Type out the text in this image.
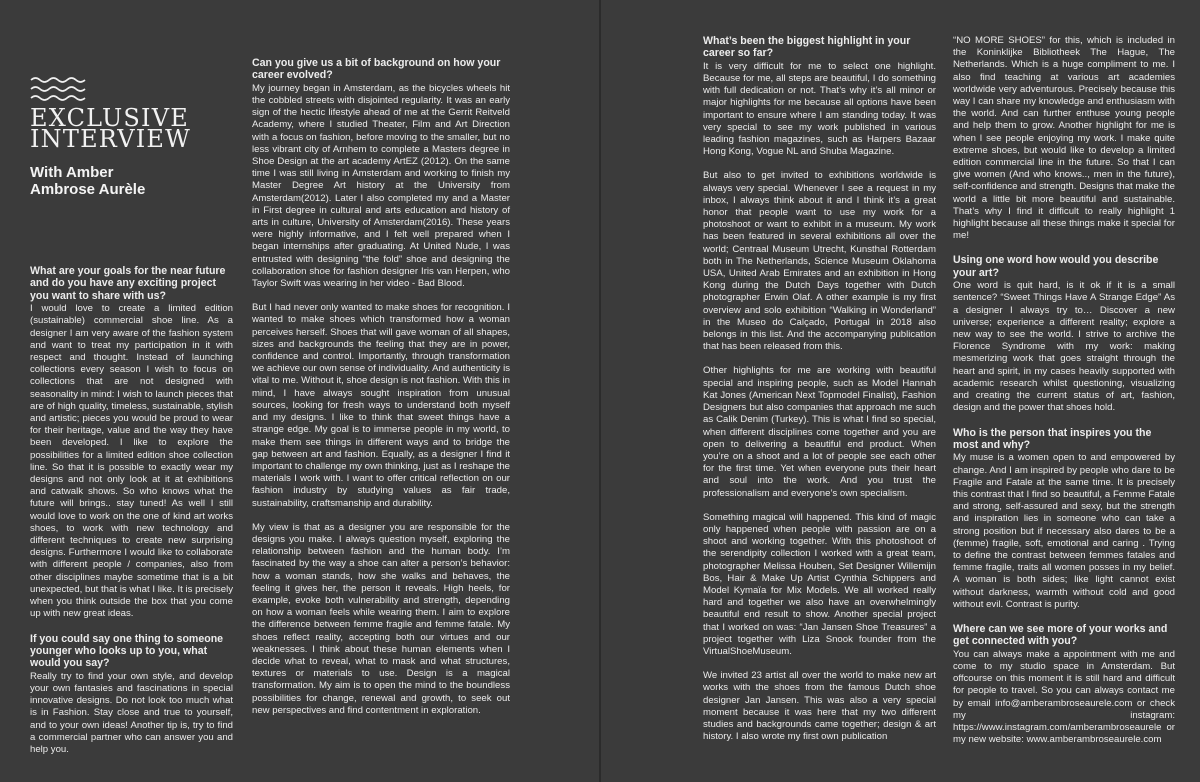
EXCLUSIVE
INTERVIEW
With Amber
Ambrose Aurèle
What are your goals for the near future and do you have any exciting project you want to share with us?

I would love to create a limited edition (sustainable) commercial shoe line. As a designer I am very aware of the fashion system and want to treat my participation in it with respect and thought. Instead of launching collections every season I wish to focus on collections that are not designed with seasonality in mind: I wish to launch pieces that are of high quality, timeless, sustainable, stylish and artistic; pieces you would be proud to wear for their heritage, value and the way they have been developed. I like to explore the possibilities for a limited edition shoe collection line. So that it is possible to exactly wear my designs and not only look at it at exhibitions and catwalk shows. So who knows what the future will brings.. stay tuned! As well I still would love to work on the one of kind art works shoes, to work with new technology and different techniques to create new surprising designs. Furthermore I would like to collaborate with different people / companies, also from other disciplines maybe sometime that is a bit unexpected, but that is what I like. It is precisely when you think outside the box that you come up with new great ideas.

If you could say one thing to someone younger who looks up to you, what would you say?

Really try to find your own style, and develop your own fantasies and fascinations in special innovative designs. Do not look too much what is in Fashion. Stay close and true to yourself, and to your own ideas! Another tip is, try to find a commercial partner who can answer you and help you.

Can you give us a bit of background on how your career evolved?

My journey began in Amsterdam, as the bicycles wheels hit the cobbled streets with disjointed regularity. It was an early sign of the hectic lifestyle ahead of me at the Gerrit Reitveld Academy, where I studied Theater, Film and Art Direction with a focus on fashion, before moving to the smaller, but no less vibrant city of Arnhem to complete a Masters degree in Shoe Design at the art academy ArtEZ (2012). On the same time I was still living in Amsterdam and working to finish my Master Degree Art history at the University from Amsterdam(2012). Later I also completed my and a Master in First degree in cultural and arts education and history of arts in culture, University of Amsterdam(2016). These years were highly informative, and I felt well prepared when I began internships after graduating. At United Nude, I was entrusted with designing “the fold” shoe and designing the collaboration shoe for fashion designer Iris van Herpen, who Taylor Swift was wearing in her video - Bad Blood.

But I had never only wanted to make shoes for recognition. I wanted to make shoes which transformed how a woman perceives herself. Shoes that will gave woman of all shapes, sizes and backgrounds the feeling that they are in power, confidence and control. Importantly, through transformation we achieve our own sense of individuality. And authenticity is vital to me. Without it, shoe design is not fashion. With this in mind, I have always sought inspiration from unusual sources, looking for fresh ways to understand both myself and my designs. I like to think that sweet things have a strange edge. My goal is to immerse people in my world, to make them see things in different ways and to bridge the gap between art and fashion. Equally, as a designer I find it important to challenge my own thinking, just as I reshape the materials I work with. I want to offer critical reflection on our fashion industry by studying values as fair trade, sustainability, craftsmanship and durability.

My view is that as a designer you are responsible for the designs you make. I always question myself, exploring the relationship between fashion and the human body. I’m fascinated by the way a shoe can alter a person’s behavior: how a woman stands, how she walks and behaves, the feeling it gives her, the person it reveals. High heels, for example, evoke both vulnerability and strength, depending on how a woman feels while wearing them. I aim to explore the difference between femme fragile and femme fatale. My shoes reflect reality, accepting both our virtues and our weaknesses. I think about these human elements when I decide what to reveal, what to mask and what structures, textures or materials to use. Design is a magical transformation. My aim is to open the mind to the boundless possibilities for change, renewal and growth, to seek out new perspectives and find contentment in exploration.

What’s been the biggest highlight in your career so far?

It is very difficult for me to select one highlight. Because for me, all steps are beautiful, I do something with full dedication or not. That’s why it’s all minor or major highlights for me because all options have been important to ensure where I am standing today. It was very special to see my work published in various leading fashion magazines, such as Harpers Bazaar Hong Kong, Vogue NL and Shuba Magazine.

But also to get invited to exhibitions worldwide is always very special. Whenever I see a request in my inbox, I always think about it and I think it’s a great honor that people want to use my work for a photoshoot or want to exhibit in a museum. My work has been featured in several exhibitions all over the world; Centraal Museum Utrecht, Kunsthal Rotterdam both in The Netherlands, Science Museum Oklahoma USA, United Arab Emirates and an exhibition in Hong Kong during the Dutch Days together with Dutch photographer Erwin Olaf. A other example is my first overview and solo exhibition “Walking in Wonderland” in the Museo do Calçado, Portugal in 2018 also belongs in this list. And the accompanying publication that has been released from this.

Other highlights for me are working with beautiful special and inspiring people, such as Model Hannah Kat Jones (American Next Topmodel Finalist), Fashion Designers but also companies that approach me such as Calik Denim (Turkey). This is what I find so special, when different disciplines come together and you are open to delivering a beautiful end product. When you’re on a shoot and a lot of people see each other for the first time. Yet when everyone puts their heart and soul into the work. And you trust the professionalism and everyone’s own specialism.

Something magical will happened. This kind of magic only happened when people with passion are on a shoot and working together. With this photoshoot of the serendipity collection I worked with a great team, photographer Melissa Houben, Set Designer Willemijn Bos, Hair & Make Up Artist Cynthia Schippers and Model Kymaïa for Mix Models. We all worked really hard and together we also have an overwhelmingly beautiful end result to show. Another special project that I worked on was: “Jan Jansen Shoe Treasures” a project together with Liza Snook founder from the VirtualShoeMuseum.

We invited 23 artist all over the world to make new art works with the shoes from the famous Dutch shoe designer Jan Jansen. This was also a very special moment because it was here that my two different studies and backgrounds came together; design & art history. I also wrote my first own publication

“NO MORE SHOES” for this, which is included in the Koninklijke Bibliotheek The Hague, The Netherlands. Which is a huge compliment to me. I also find teaching at various art academies worldwide very adventurous. Precisely because this way I can share my knowledge and enthusiasm with the world. And can further enthuse young people and help them to grow. Another highlight for me is when I see people enjoying my work. I make quite extreme shoes, but would like to develop a limited edition commercial line in the future. So that I can give women (And who knows.., men in the future), self-confidence and strength. Designs that make the world a little bit more beautiful and sustainable. That’s why I find it difficult to really highlight 1 highlight because all these things make it special for me!

Using one word how would you describe your art?

One word is quit hard, is it ok if it is a small sentence? “Sweet Things Have A Strange Edge” As a designer I always try to… Discover a new universe; experience a different reality; explore a new way to see the world. I strive to archive the Florence Syndrome with my work: making mesmerizing work that goes straight through the heart and spirit, in my cases heavily supported with academic research whilst questioning, visualizing and creating the current status of art, fashion, design and the power that shoes hold.

Who is the person that inspires you the most and why?

My muse is a women open to and empowered by change. And I am inspired by people who dare to be Fragile and Fatale at the same time. It is precisely this contrast that I find so beautiful, a Femme Fatale and strong, self-assured and sexy, but the strength and inspiration lies in someone who can take a strong position but if necessary also dares to be a (femme) fragile, soft, emotional and caring . Trying to define the contrast between femmes fatales and femme fragile, traits all women posses in my belief. A woman is both sides; like light cannot exist without darkness, warmth without cold and good without evil. Contrast is purity.

Where can we see more of your works and get connected with you?

You can always make a appointment with me and come to my studio space in Amsterdam. But offcourse on this moment it is still hard and difficult for people to travel. So you can always contact me by email info@amberambroseaurele.com or check my instagram: https://www.instagram.com/amberambroseaurele or my new website: www.amberambroseaurele.com
